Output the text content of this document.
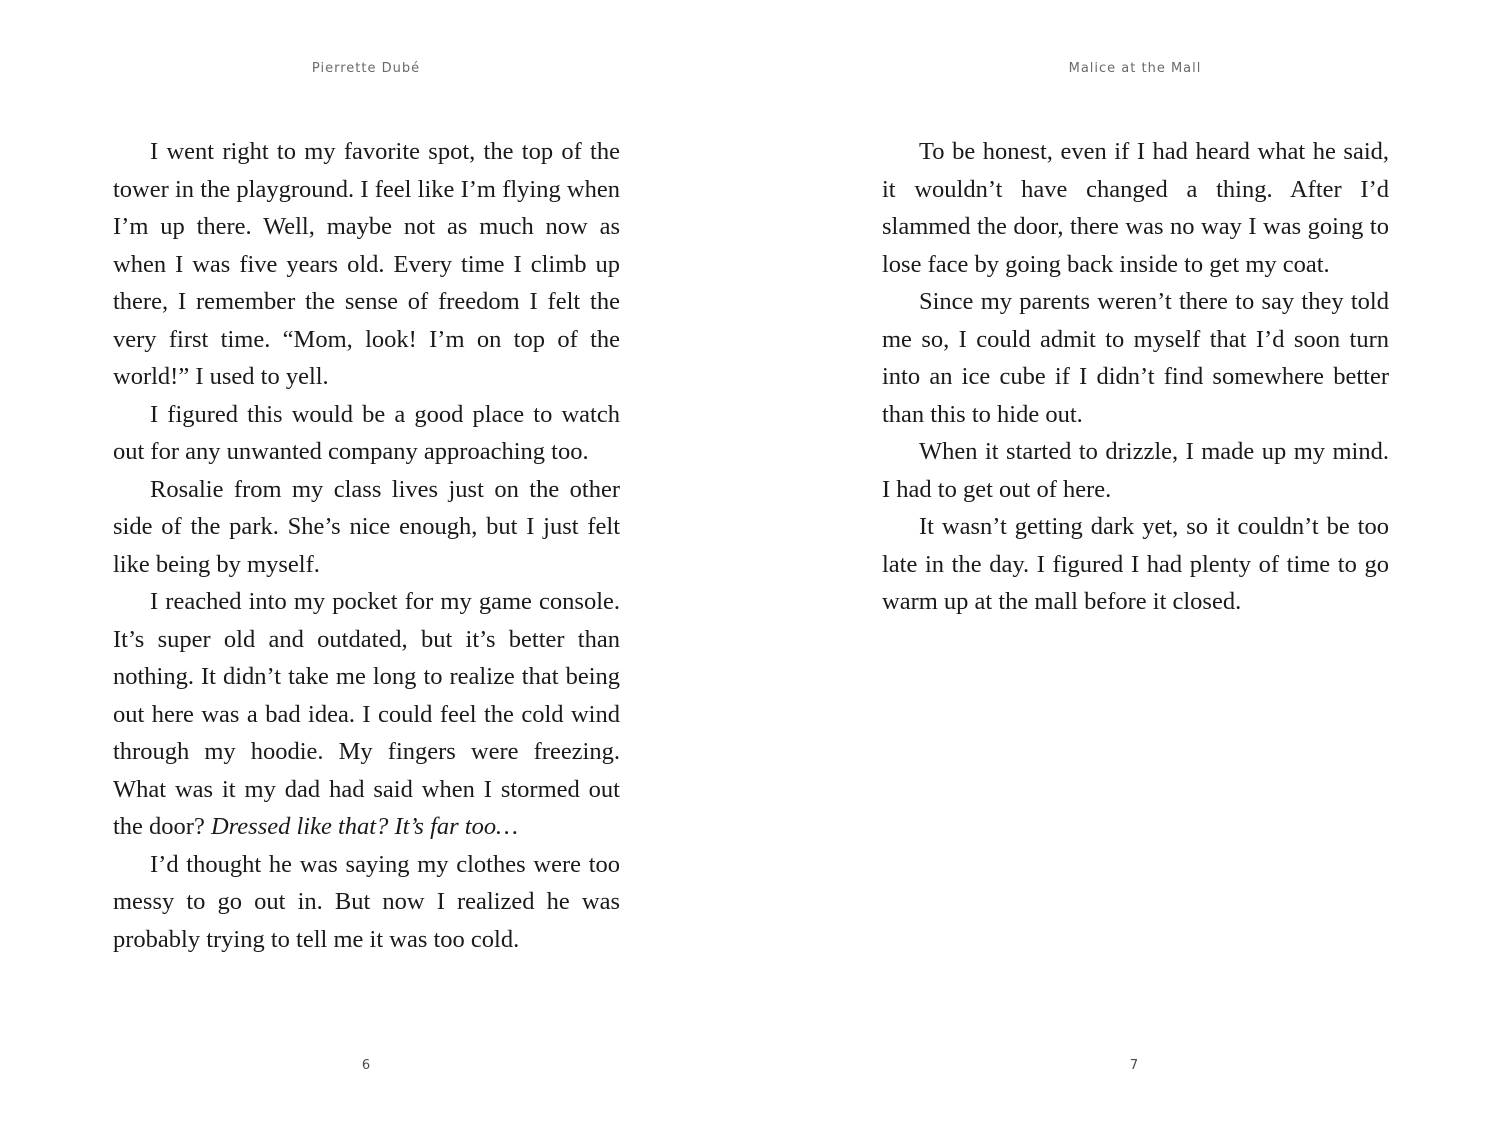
Pierrette Dubé

I went right to my favorite spot, the top of the tower in the playground. I feel like I’m flying when I’m up there. Well, maybe not as much now as when I was five years old. Every time I climb up there, I remember the sense of freedom I felt the very first time. “Mom, look! I’m on top of the world!” I used to yell.

I figured this would be a good place to watch out for any unwanted company approaching too.

Rosalie from my class lives just on the other side of the park. She’s nice enough, but I just felt like being by myself.

I reached into my pocket for my game console. It’s super old and outdated, but it’s better than nothing. It didn’t take me long to realize that being out here was a bad idea. I could feel the cold wind through my hoodie. My fingers were freezing. What was it my dad had said when I stormed out the door? Dressed like that? It’s far too…

I’d thought he was saying my clothes were too messy to go out in. But now I realized he was probably trying to tell me it was too cold.

6
Malice at the Mall

To be honest, even if I had heard what he said, it wouldn’t have changed a thing. After I’d slammed the door, there was no way I was going to lose face by going back inside to get my coat.

Since my parents weren’t there to say they told me so, I could admit to myself that I’d soon turn into an ice cube if I didn’t find somewhere better than this to hide out.

When it started to drizzle, I made up my mind. I had to get out of here.

It wasn’t getting dark yet, so it couldn’t be too late in the day. I figured I had plenty of time to go warm up at the mall before it closed.

7
